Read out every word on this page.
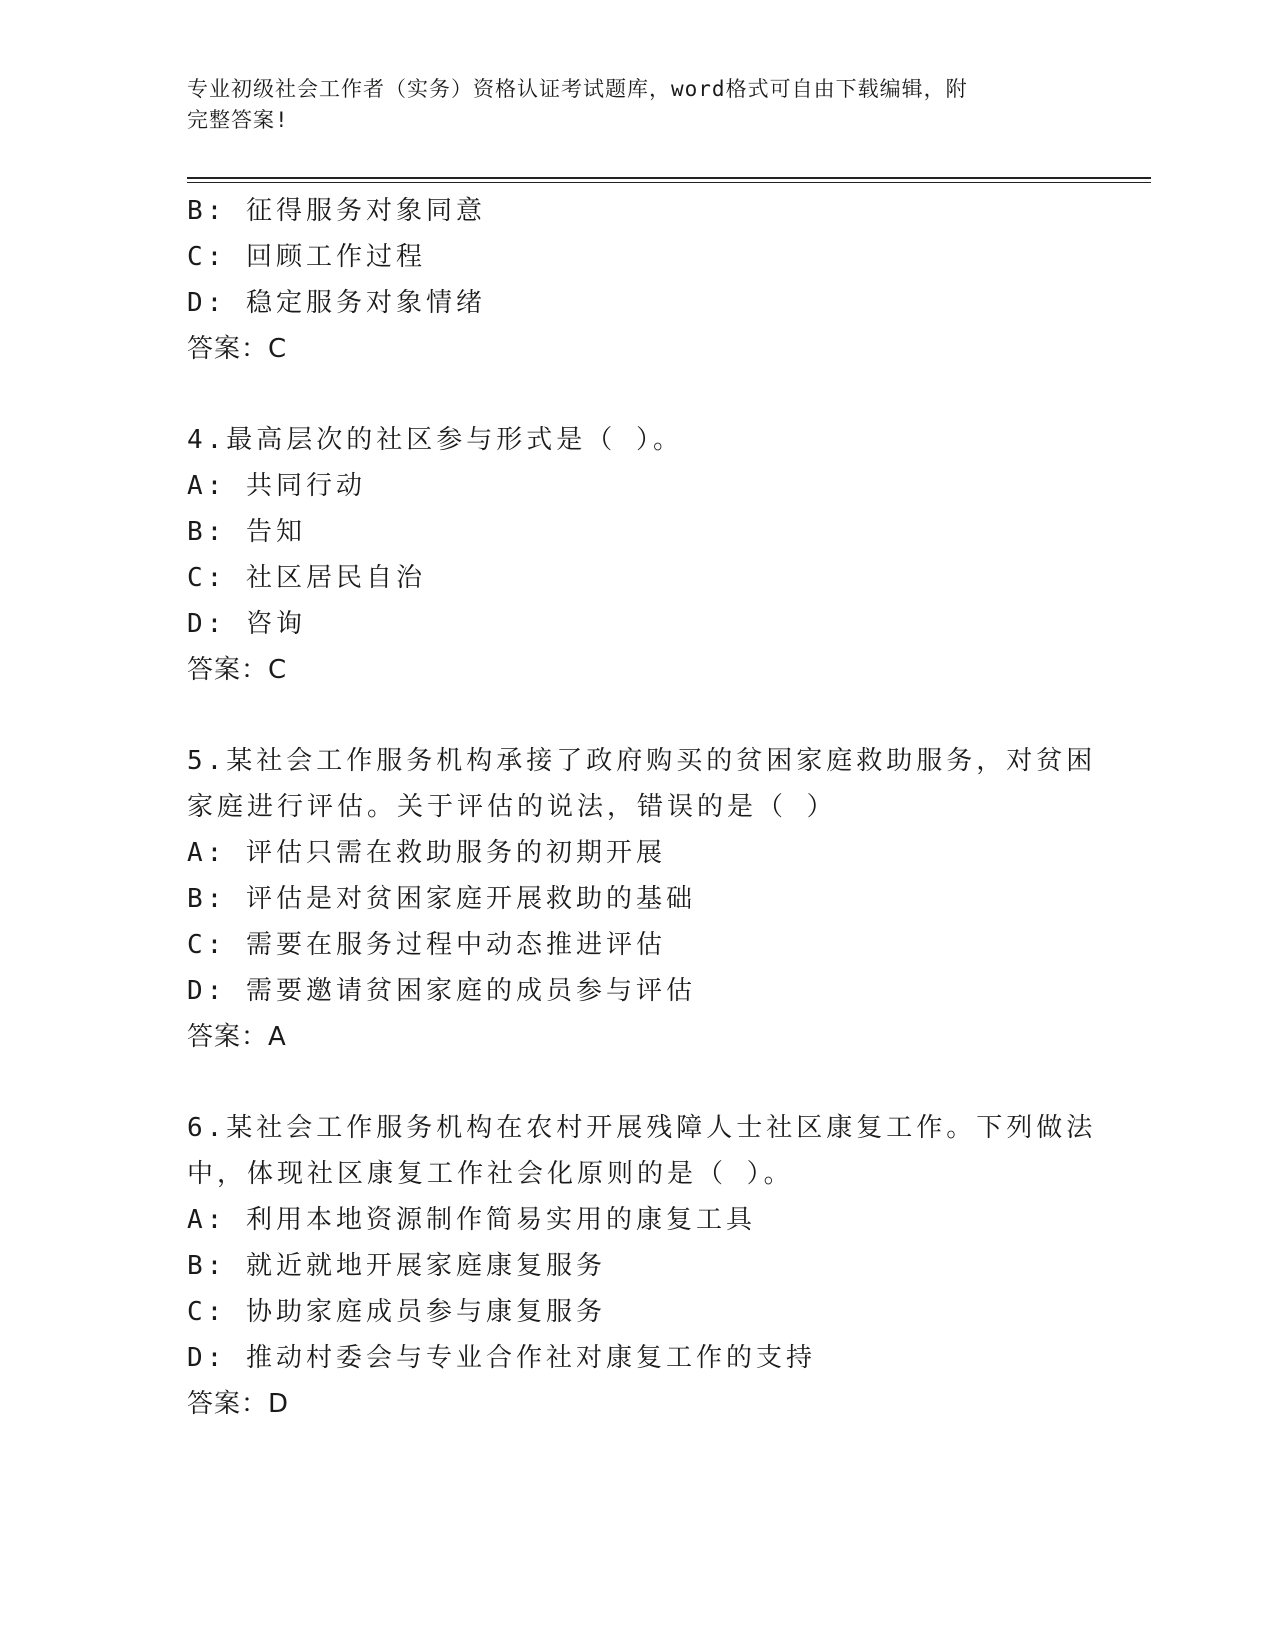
专业初级社会工作者（实务）资格认证考试题库，word格式可自由下载编辑，附
完整答案!
B: 征得服务对象同意
C: 回顾工作过程
D: 稳定服务对象情绪
答案：C
4.最高层次的社区参与形式是（ ）。
A: 共同行动
B: 告知
C: 社区居民自治
D: 咨询
答案：C
5.某社会工作服务机构承接了政府购买的贫困家庭救助服务，对贫困
家庭进行评估。关于评估的说法，错误的是（ ）
A: 评估只需在救助服务的初期开展
B: 评估是对贫困家庭开展救助的基础
C: 需要在服务过程中动态推进评估
D: 需要邀请贫困家庭的成员参与评估
答案：A
6.某社会工作服务机构在农村开展残障人士社区康复工作。下列做法
中，体现社区康复工作社会化原则的是（ ）。
A: 利用本地资源制作简易实用的康复工具
B: 就近就地开展家庭康复服务
C: 协助家庭成员参与康复服务
D: 推动村委会与专业合作社对康复工作的支持
答案：D
